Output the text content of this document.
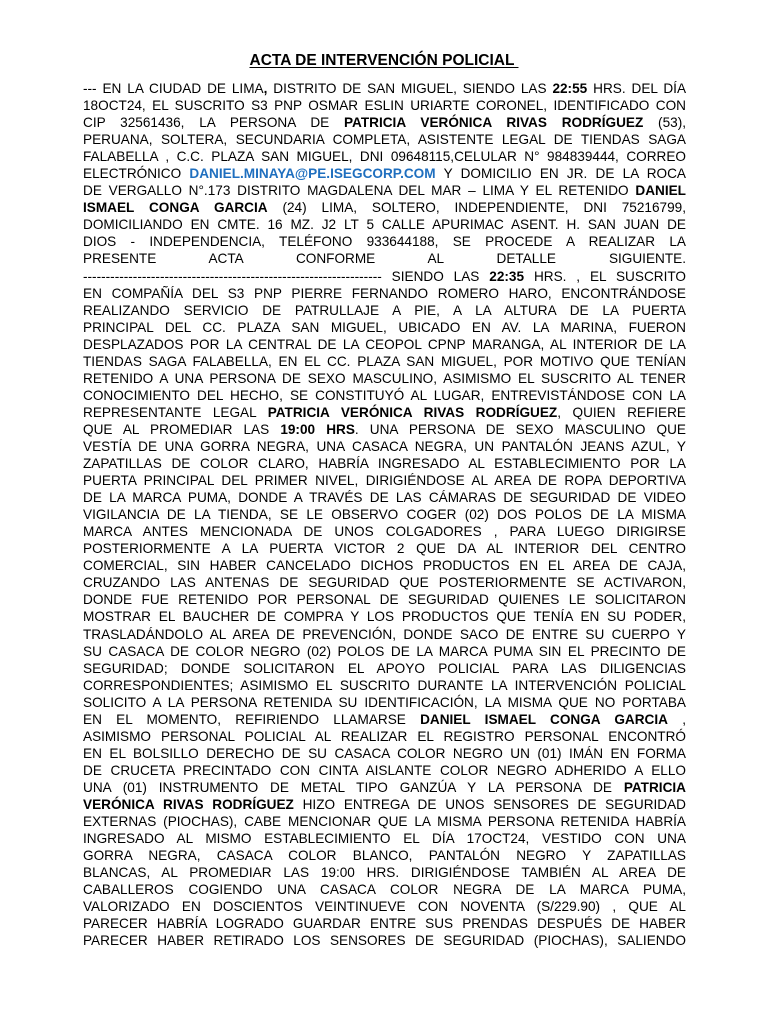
ACTA DE INTERVENCIÓN POLICIAL
--- EN LA CIUDAD DE LIMA, DISTRITO DE SAN MIGUEL, SIENDO LAS 22:55 HRS. DEL DÍA
18OCT24, EL SUSCRITO S3 PNP OSMAR ESLIN URIARTE CORONEL, IDENTIFICADO CON
CIP 32561436, LA PERSONA DE PATRICIA VERÓNICA RIVAS RODRÍGUEZ (53),
PERUANA, SOLTERA, SECUNDARIA COMPLETA, ASISTENTE LEGAL DE TIENDAS SAGA
FALABELLA , C.C. PLAZA SAN MIGUEL, DNI 09648115,CELULAR N° 984839444, CORREO
ELECTRÓNICO DANIEL.MINAYA@PE.ISEGCORP.COM Y DOMICILIO EN JR. DE LA ROCA
DE VERGALLO N°.173 DISTRITO MAGDALENA DEL MAR – LIMA Y EL RETENIDO DANIEL
ISMAEL CONGA GARCIA (24) LIMA, SOLTERO, INDEPENDIENTE, DNI 75216799,
DOMICILIANDO EN CMTE. 16 MZ. J2 LT 5 CALLE APURIMAC ASENT. H. SAN JUAN DE
DIOS - INDEPENDENCIA, TELÉFONO 933644188, SE PROCEDE A REALIZAR LA
PRESENTE ACTA CONFORME AL DETALLE SIGUIENTE.
------------------------------------------------------------------ SIENDO LAS 22:35 HRS. , EL SUSCRITO
EN COMPAÑÍA DEL S3 PNP PIERRE FERNANDO ROMERO HARO, ENCONTRÁNDOSE
REALIZANDO SERVICIO DE PATRULLAJE A PIE, A LA ALTURA DE LA PUERTA
PRINCIPAL DEL CC. PLAZA SAN MIGUEL, UBICADO EN AV. LA MARINA, FUERON
DESPLAZADOS POR LA CENTRAL DE LA CEOPOL CPNP MARANGA, AL INTERIOR DE LA
TIENDAS SAGA FALABELLA, EN EL CC. PLAZA SAN MIGUEL, POR MOTIVO QUE TENÍAN
RETENIDO A UNA PERSONA DE SEXO MASCULINO, ASIMISMO EL SUSCRITO AL TENER
CONOCIMIENTO DEL HECHO, SE CONSTITUYÓ AL LUGAR, ENTREVISTÁNDOSE CON LA
REPRESENTANTE LEGAL PATRICIA VERÓNICA RIVAS RODRÍGUEZ, QUIEN REFIERE
QUE AL PROMEDIAR LAS 19:00 HRS. UNA PERSONA DE SEXO MASCULINO QUE
VESTÍA DE UNA GORRA NEGRA, UNA CASACA NEGRA, UN PANTALÓN JEANS AZUL, Y
ZAPATILLAS DE COLOR CLARO, HABRÍA INGRESADO AL ESTABLECIMIENTO POR LA
PUERTA PRINCIPAL DEL PRIMER NIVEL, DIRIGIÉNDOSE AL AREA DE ROPA DEPORTIVA
DE LA MARCA PUMA, DONDE A TRAVÉS DE LAS CÁMARAS DE SEGURIDAD DE VIDEO
VIGILANCIA DE LA TIENDA, SE LE OBSERVO COGER (02) DOS POLOS DE LA MISMA
MARCA ANTES MENCIONADA DE UNOS COLGADORES , PARA LUEGO DIRIGIRSE
POSTERIORMENTE A LA PUERTA VICTOR 2 QUE DA AL INTERIOR DEL CENTRO
COMERCIAL, SIN HABER CANCELADO DICHOS PRODUCTOS EN EL AREA DE CAJA,
CRUZANDO LAS ANTENAS DE SEGURIDAD QUE POSTERIORMENTE SE ACTIVARON,
DONDE FUE RETENIDO POR PERSONAL DE SEGURIDAD QUIENES LE SOLICITARON
MOSTRAR EL BAUCHER DE COMPRA Y LOS PRODUCTOS QUE TENÍA EN SU PODER,
TRASLADÁNDOLO AL AREA DE PREVENCIÓN, DONDE SACO DE ENTRE SU CUERPO Y
SU CASACA DE COLOR NEGRO (02) POLOS DE LA MARCA PUMA SIN EL PRECINTO DE
SEGURIDAD; DONDE SOLICITARON EL APOYO POLICIAL PARA LAS DILIGENCIAS
CORRESPONDIENTES; ASIMISMO EL SUSCRITO DURANTE LA INTERVENCIÓN POLICIAL
SOLICITO A LA PERSONA RETENIDA SU IDENTIFICACIÓN, LA MISMA QUE NO PORTABA
EN EL MOMENTO, REFIRIENDO LLAMARSE DANIEL ISMAEL CONGA GARCIA ,
ASIMISMO PERSONAL POLICIAL AL REALIZAR EL REGISTRO PERSONAL ENCONTRÓ
EN EL BOLSILLO DERECHO DE SU CASACA COLOR NEGRO UN (01) IMÁN EN FORMA
DE CRUCETA PRECINTADO CON CINTA AISLANTE COLOR NEGRO ADHERIDO A ELLO
UNA (01) INSTRUMENTO DE METAL TIPO GANZÚA Y LA PERSONA DE PATRICIA
VERÓNICA RIVAS RODRÍGUEZ HIZO ENTREGA DE UNOS SENSORES DE SEGURIDAD
EXTERNAS (PIOCHAS), CABE MENCIONAR QUE LA MISMA PERSONA RETENIDA HABRÍA
INGRESADO AL MISMO ESTABLECIMIENTO EL DÍA 17OCT24, VESTIDO CON UNA
GORRA NEGRA, CASACA COLOR BLANCO, PANTALÓN NEGRO Y ZAPATILLAS
BLANCAS, AL PROMEDIAR LAS 19:00 HRS. DIRIGIÉNDOSE TAMBIÉN AL AREA DE
CABALLEROS COGIENDO UNA CASACA COLOR NEGRA DE LA MARCA PUMA,
VALORIZADO EN DOSCIENTOS VEINTINUEVE CON NOVENTA (S/229.90) , QUE AL
PARECER HABRÍA LOGRADO GUARDAR ENTRE SUS PRENDAS DESPUÉS DE HABER
PARECER HABER RETIRADO LOS SENSORES DE SEGURIDAD (PIOCHAS), SALIENDO
